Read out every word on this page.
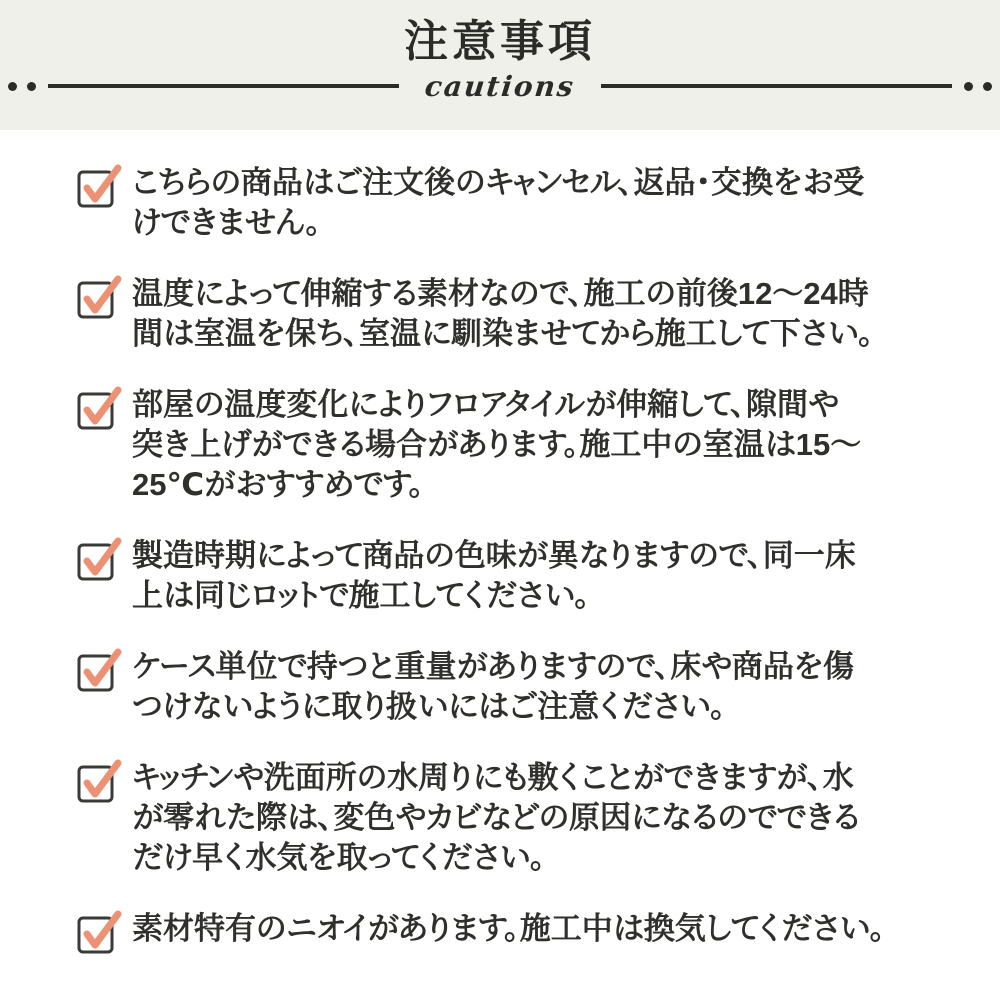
注意事項
cautions
こちらの商品はご注文後のキャンセル、返品・交換をお受
けできません。
温度によって伸縮する素材なので、施工の前後12〜24時
間は室温を保ち、室温に馴染ませてから施工して下さい。
部屋の温度変化によりフロアタイルが伸縮して、隙間や
突き上げができる場合があります。施工中の室温は15〜
25℃がおすすめです。
製造時期によって商品の色味が異なりますので、同一床
上は同じロットで施工してください。
ケース単位で持つと重量がありますので、床や商品を傷
つけないように取り扱いにはご注意ください。
キッチンや洗面所の水周りにも敷くことができますが、水
が零れた際は、変色やカビなどの原因になるのでできる
だけ早く水気を取ってください。
素材特有のニオイがあります。施工中は換気してください。
